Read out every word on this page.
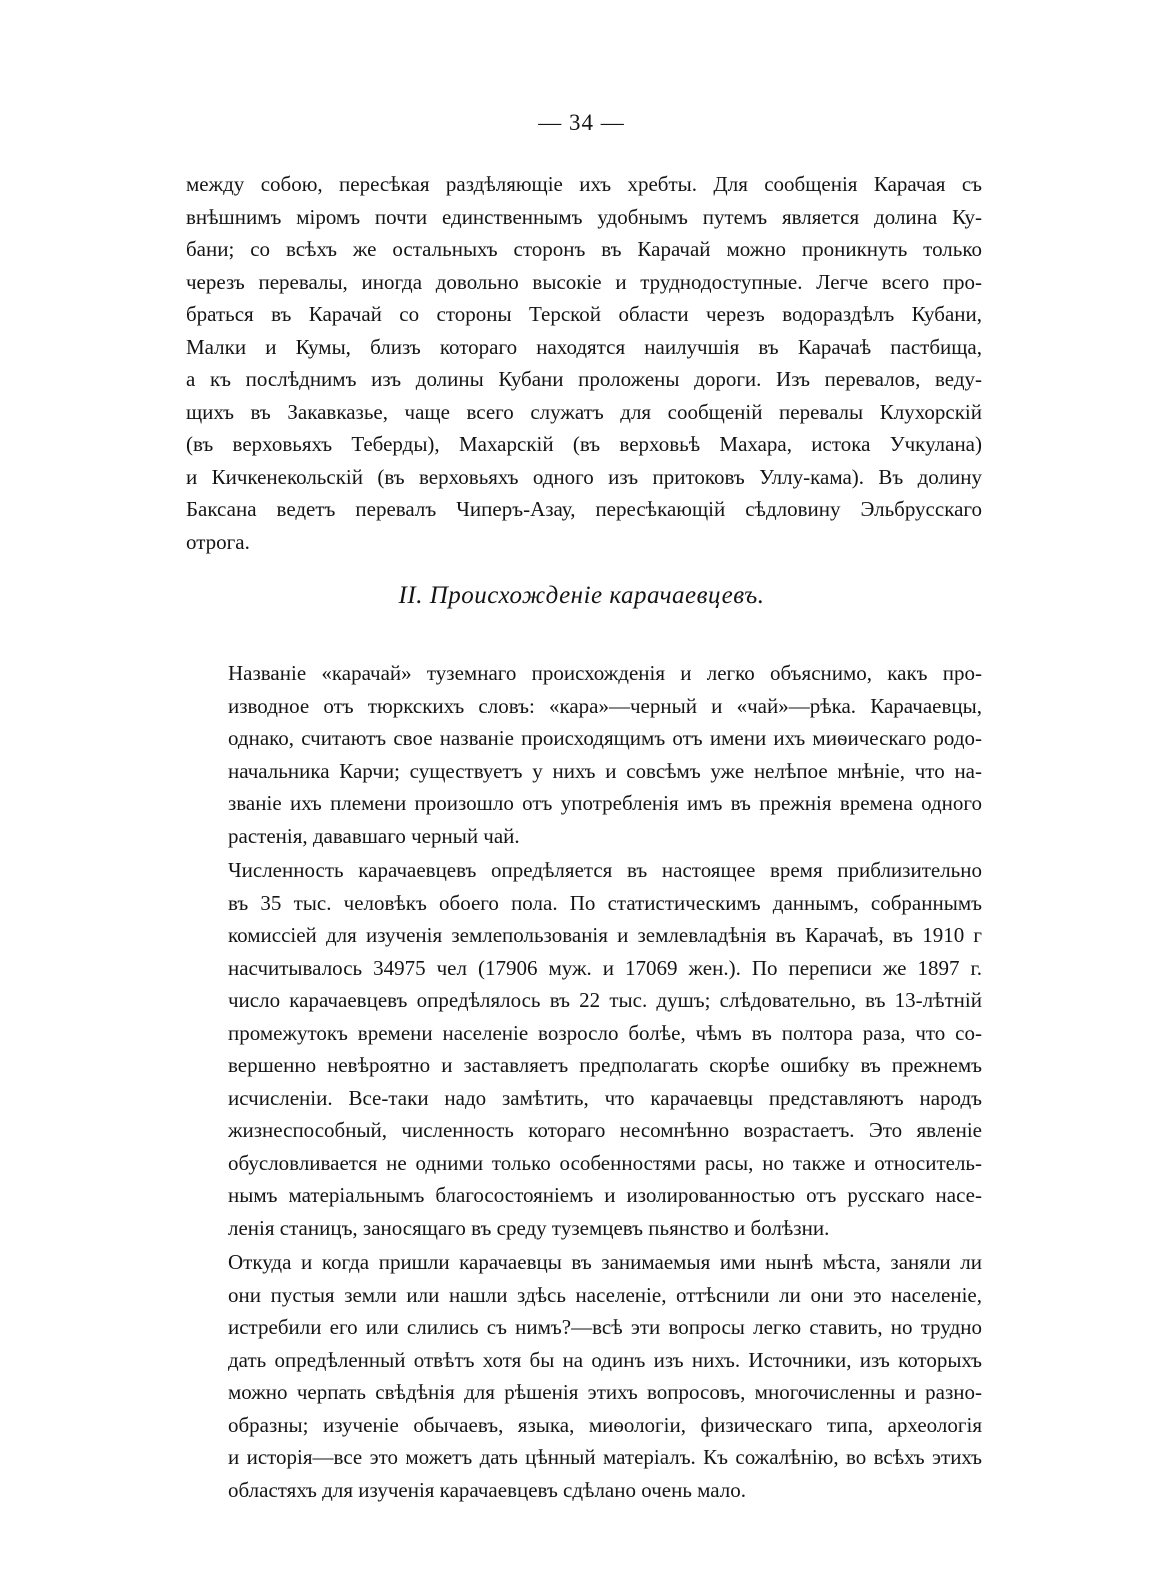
— 34 —
между собою, пересѣкая раздѣляющіе ихъ хребты. Для сообщенія Карачая съ
внѣшнимъ міромъ почти единственнымъ удобнымъ путемъ является долина Ку-
бани; со всѣхъ же остальныхъ сторонъ въ Карачай можно проникнуть только
черезъ перевалы, иногда довольно высокіе и труднодоступные. Легче всего про-
браться въ Карачай со стороны Терской области черезъ водораздѣлъ Кубани,
Малки и Кумы, близъ котораго находятся наилучшія въ Карачаѣ пастбища,
а къ послѣднимъ изъ долины Кубани проложены дороги. Изъ перевалов, веду-
щихъ въ Закавказье, чаще всего служатъ для сообщеній перевалы Клухорскій
(въ верховьяхъ Теберды), Махарскій (въ верховьѣ Махара, истока Учкулана)
и Кичкенекольскій (въ верховьяхъ одного изъ притоковъ Уллу-кама). Въ долину
Баксана ведетъ перевалъ Чиперъ-Азау, пересѣкающій сѣдловину Эльбрусскаго
отрога.
II. Происхожденіе карачаевцевъ.

Названіе «карачай» туземнаго происхожденія и легко объяснимо, какъ про-
изводное отъ тюркскихъ словъ: «кара»—черный и «чай»—рѣка. Карачаевцы,
однако, считаютъ свое названіе происходящимъ отъ имени ихъ миѳическаго родо-
начальника Карчи; существуетъ у нихъ и совсѣмъ уже нелѣпое мнѣніе, что на-
званіе ихъ племени произошло отъ употребленія имъ въ прежнія времена одного
растенія, дававшаго черный чай.

Численность карачаевцевъ опредѣляется въ настоящее время приблизительно
въ 35 тыс. человѣкъ обоего пола. По статистическимъ даннымъ, собраннымъ
комиссіей для изученія землепользованія и землевладѣнія въ Карачаѣ, въ 1910 г
насчитывалось 34975 чел (17906 муж. и 17069 жен.). По переписи же 1897 г.
число карачаевцевъ опредѣлялось въ 22 тыс. душъ; слѣдовательно, въ 13-лѣтній
промежутокъ времени населеніе возросло болѣе, чѣмъ въ полтора раза, что со-
вершенно невѣроятно и заставляетъ предполагать скорѣе ошибку въ прежнемъ
исчисленіи. Все-таки надо замѣтить, что карачаевцы представляютъ народъ
жизнеспособный, численность котораго несомнѣнно возрастаетъ. Это явленіе
обусловливается не одними только особенностями расы, но также и относитель-
нымъ матеріальнымъ благосостояніемъ и изолированностью отъ русскаго насе-
ленія станицъ, заносящаго въ среду туземцевъ пьянство и болѣзни.

Откуда и когда пришли карачаевцы въ занимаемыя ими нынѣ мѣста, заняли ли
они пустыя земли или нашли здѣсь населеніе, оттѣснили ли они это населеніе,
истребили его или слились съ нимъ?—всѣ эти вопросы легко ставить, но трудно
дать опредѣленный отвѣтъ хотя бы на одинъ изъ нихъ. Источники, изъ которыхъ
можно черпать свѣдѣнія для рѣшенія этихъ вопросовъ, многочисленны и разно-
образны; изученіе обычаевъ, языка, миѳологіи, физическаго типа, археологія
и исторія—все это можетъ дать цѣнный матеріалъ. Къ сожалѣнію, во всѣхъ этихъ
областяхъ для изученія карачаевцевъ сдѣлано очень мало.
